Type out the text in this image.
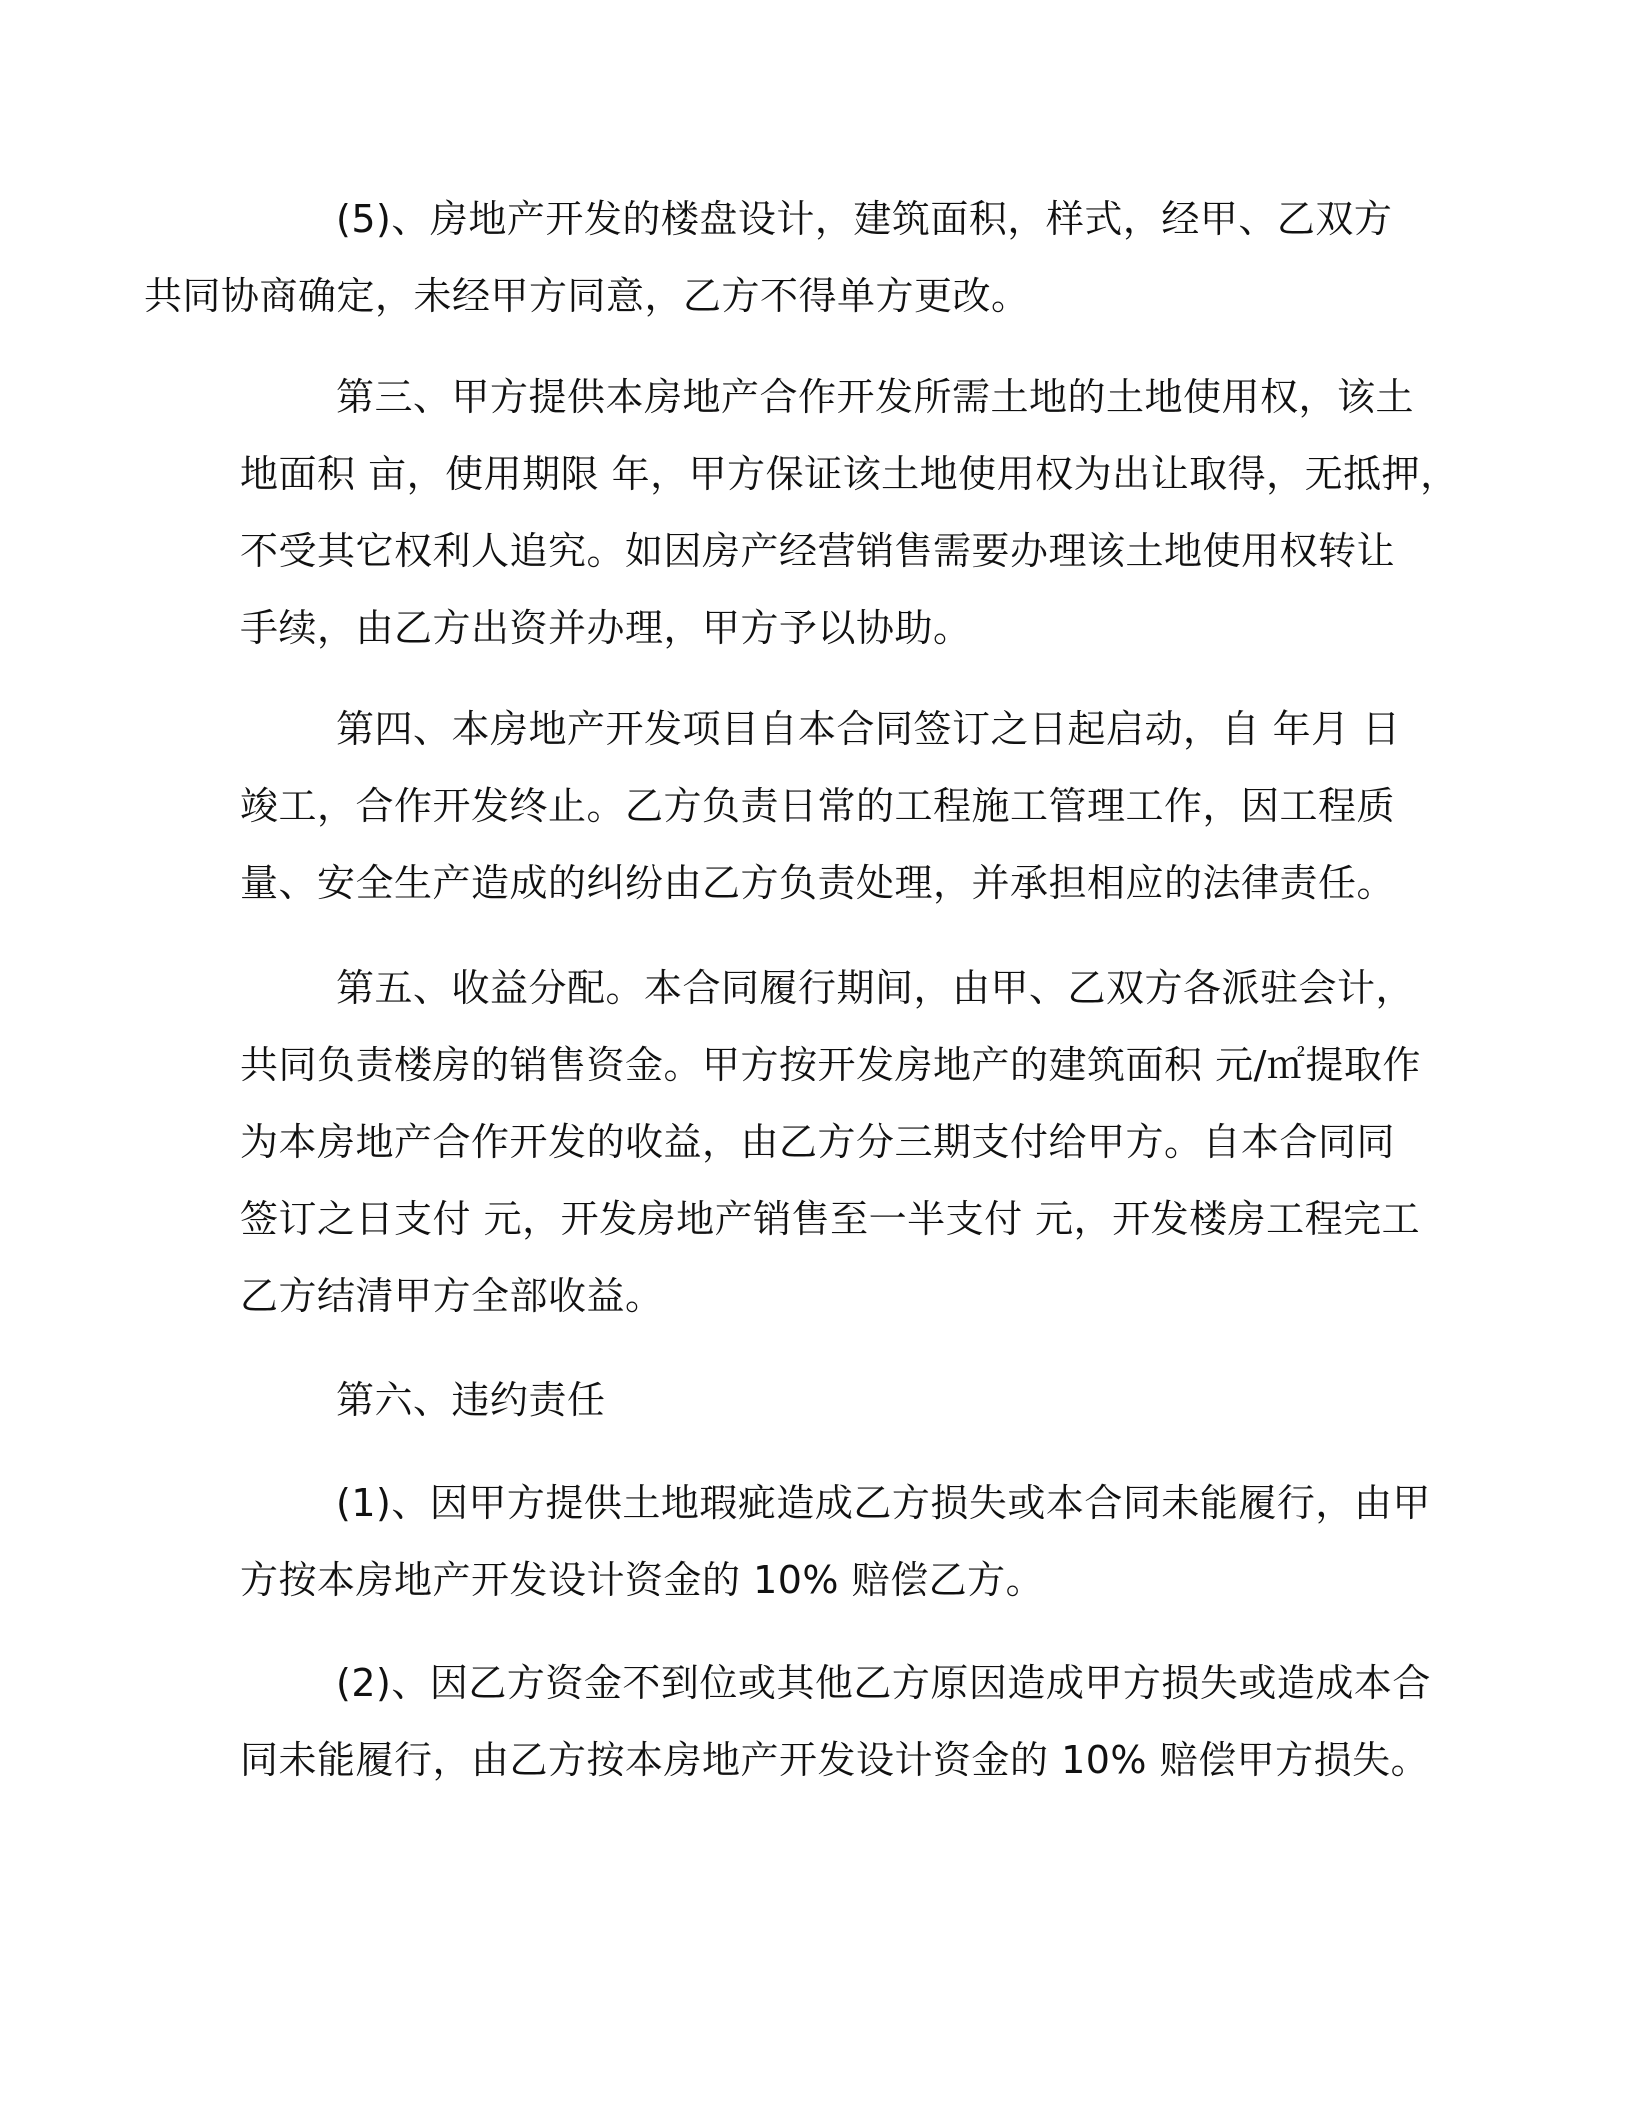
(5)、房地产开发的楼盘设计，建筑面积，样式，经甲、乙双方
共同协商确定，未经甲方同意，乙方不得单方更改。

第三、甲方提供本房地产合作开发所需土地的土地使用权，该土
地面积 亩，使用期限 年，甲方保证该土地使用权为出让取得，无抵押，
不受其它权利人追究。如因房产经营销售需要办理该土地使用权转让
手续，由乙方出资并办理，甲方予以协助。

第四、本房地产开发项目自本合同签订之日起启动，自 年月 日
竣工，合作开发终止。乙方负责日常的工程施工管理工作，因工程质
量、安全生产造成的纠纷由乙方负责处理，并承担相应的法律责任。

第五、收益分配。本合同履行期间，由甲、乙双方各派驻会计，
共同负责楼房的销售资金。甲方按开发房地产的建筑面积 元/㎡提取作
为本房地产合作开发的收益，由乙方分三期支付给甲方。自本合同同
签订之日支付 元，开发房地产销售至一半支付 元，开发楼房工程完工
乙方结清甲方全部收益。

第六、违约责任

(1)、因甲方提供土地瑕疵造成乙方损失或本合同未能履行，由甲
方按本房地产开发设计资金的 10% 赔偿乙方。

(2)、因乙方资金不到位或其他乙方原因造成甲方损失或造成本合
同未能履行，由乙方按本房地产开发设计资金的 10% 赔偿甲方损失。
